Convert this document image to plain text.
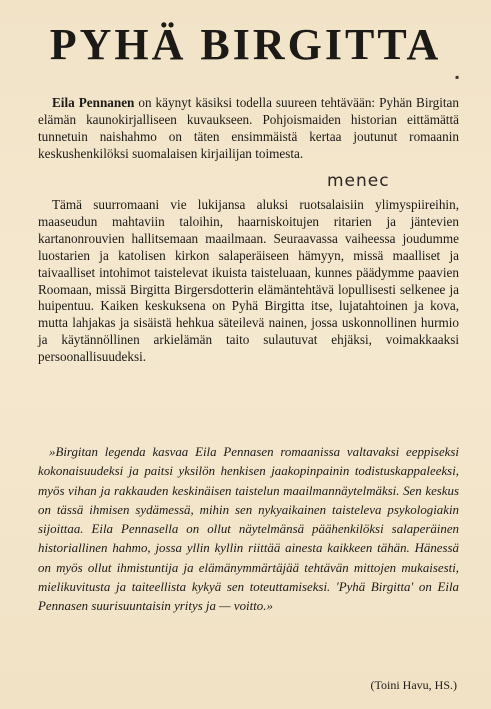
PYHÄ BIRGITTA
▪

Eila Pennanen on käynyt käsiksi todella suureen tehtävään: Pyhän Birgitan elämän kaunokirjalliseen kuvaukseen. Pohjoismaiden historian eittämättä tunnetuin naishahmo on täten ensimmäistä kertaa joutunut romaanin keskushenkilöksi suomalaisen kirjailijan toimesta.

menec

Tämä suurromaani vie lukijansa aluksi ruotsalaisiin ylimyspiireihin, maaseudun mahtaviin taloihin, haarniskoitujen ritarien ja jäntevien kartanonrouvien hallitsemaan maailmaan. Seuraavassa vaiheessa joudumme luostarien ja katolisen kirkon salaperäiseen hämyyn, missä maalliset ja taivaalliset intohimot taistelevat ikuista taisteluaan, kunnes päädymme paavien Roomaan, missä Birgitta Birgersdotterin elämäntehtävä lopullisesti selkenee ja huipentuu. Kaiken keskuksena on Pyhä Birgitta itse, lujatahtoinen ja kova, mutta lahjakas ja sisäistä hehkua säteilevä nainen, jossa uskonnollinen hurmio ja käytännöllinen arkielämän taito sulautuvat ehjäksi, voimakkaaksi persoonallisuudeksi.

»Birgitan legenda kasvaa Eila Pennasen romaanissa valtavaksi eeppiseksi kokonaisuudeksi ja paitsi yksilön henkisen jaakopinpainin todistuskappaleeksi, myös vihan ja rakkauden keskinäisen taistelun maailmannäytelmäksi. Sen keskus on tässä ihmisen sydämessä, mihin sen nykyaikainen taisteleva psykologiakin sijoittaa. Eila Pennasella on ollut näytelmänsä päähenkilöksi salaperäinen historiallinen hahmo, jossa yllin kyllin riittää ainesta kaikkeen tähän. Hänessä on myös ollut ihmistuntija ja elämänymmärtäjää tehtävän mittojen mukaisesti, mielikuvitusta ja taiteellista kykyä sen toteuttamiseksi. 'Pyhä Birgitta' on Eila Pennasen suurisuuntaisin yritys ja — voitto.»

(Toini Havu, HS.)
